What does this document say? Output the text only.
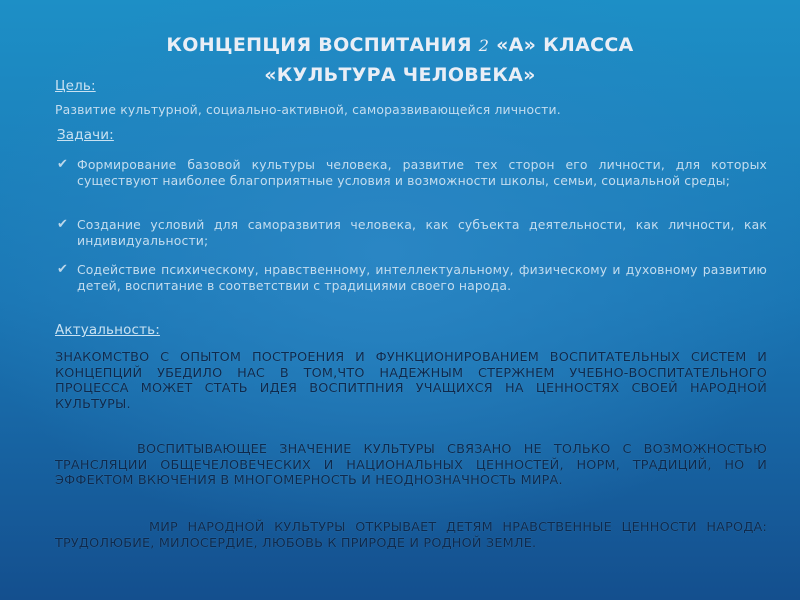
КОНЦЕПЦИЯ ВОСПИТАНИЯ 2 «А» КЛАССА
«КУЛЬТУРА ЧЕЛОВЕКА»
Цель:
Развитие культурной, социально-активной, саморазвивающейся личности.
Задачи:
✔ Формирование базовой культуры человека, развитие тех сторон его личности, для которых существуют наиболее благоприятные условия и возможности школы, семьи, социальной среды;
✔ Создание условий для саморазвития человека, как субъекта деятельности, как личности, как индивидуальности;
✔ Содействие психическому, нравственному, интеллектуальному, физическому и духовному развитию детей, воспитание в соответствии с традициями своего народа.
Актуальность:
ЗНАКОМСТВО С ОПЫТОМ ПОСТРОЕНИЯ И ФУНКЦИОНИРОВАНИЕМ ВОСПИТАТЕЛЬНЫХ СИСТЕМ И КОНЦЕПЦИЙ УБЕДИЛО НАС В ТОМ,ЧТО НАДЕЖНЫМ СТЕРЖНЕМ УЧЕБНО-ВОСПИТАТЕЛЬНОГО ПРОЦЕССА МОЖЕТ СТАТЬ ИДЕЯ ВОСПИТПНИЯ УЧАЩИХСЯ НА ЦЕННОСТЯХ СВОЕЙ НАРОДНОЙ КУЛЬТУРЫ.
ВОСПИТЫВАЮЩЕЕ ЗНАЧЕНИЕ КУЛЬТУРЫ СВЯЗАНО НЕ ТОЛЬКО С ВОЗМОЖНОСТЬЮ ТРАНСЛЯЦИИ ОБЩЕЧЕЛОВЕЧЕСКИХ И НАЦИОНАЛЬНЫХ ЦЕННОСТЕЙ, НОРМ, ТРАДИЦИЙ, НО И ЭФФЕКТОМ ВКЮЧЕНИЯ В МНОГОМЕРНОСТЬ И НЕОДНОЗНАЧНОСТЬ МИРА.
МИР НАРОДНОЙ КУЛЬТУРЫ ОТКРЫВАЕТ ДЕТЯМ НРАВСТВЕННЫЕ ЦЕННОСТИ НАРОДА: ТРУДОЛЮБИЕ, МИЛОСЕРДИЕ, ЛЮБОВЬ К ПРИРОДЕ И РОДНОЙ ЗЕМЛЕ.
